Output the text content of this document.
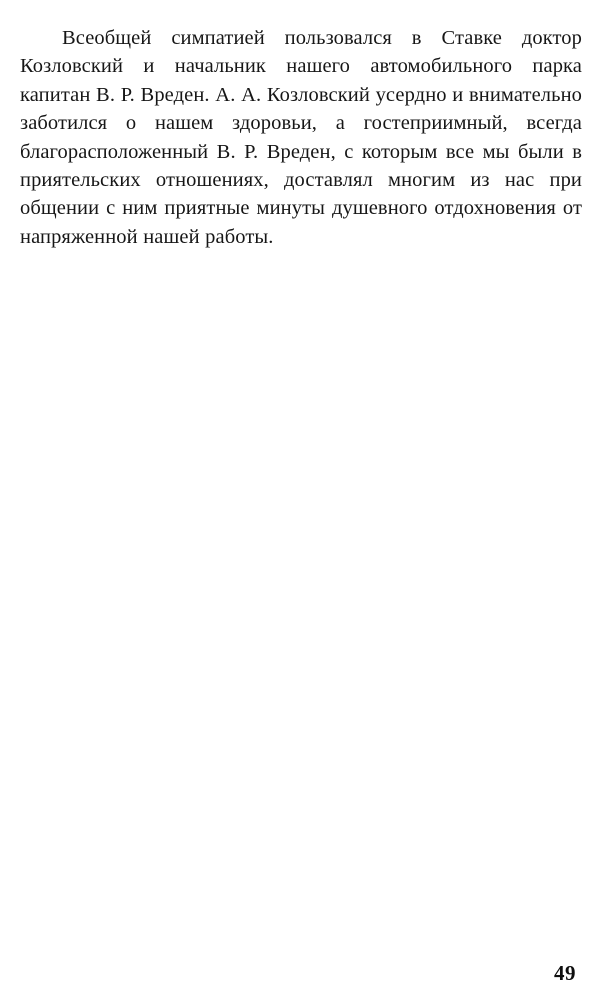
Всеобщей симпатией пользовался в Ставке доктор Козловский и начальник нашего автомобильного парка капитан В. Р. Вреден. А. А. Козловский усердно и внимательно заботился о нашем здоровьи, а гостеприимный, всегда благорасположенный В. Р. Вреден, с которым все мы были в приятельских отношениях, доставлял многим из нас при общении с ним приятные минуты душевного отдохновения от напряженной нашей работы.

49
